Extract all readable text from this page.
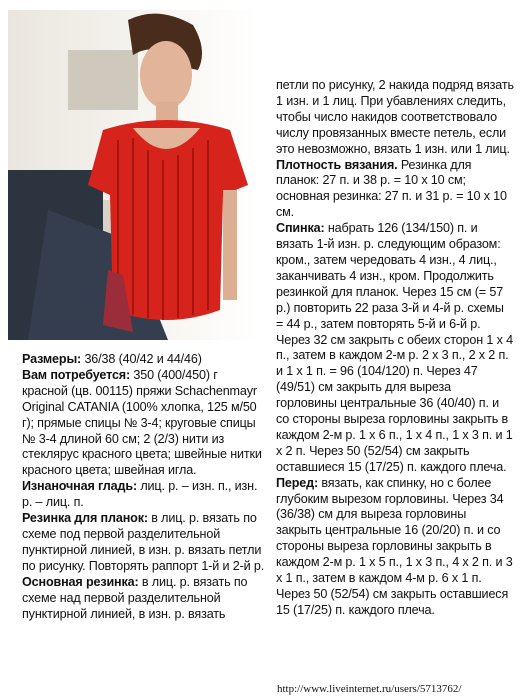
Размеры: 36/38 (40/42 и 44/46)

Вам потребуется: 350 (400/450) г красной (цв. 00115) пряжи Schachenmayr Original CATANIA (100% хлопка, 125 м/50 г); прямые спицы № 3-4; круговые спицы № 3-4 длиной 60 см; 2 (2/3) нити из стеклярус красного цвета; швейные нитки красного цвета; швейная игла.

Изнаночная гладь: лиц. р. – изн. п., изн. р. – лиц. п.

Резинка для планок: в лиц. р. вязать по схеме под первой разделительной пунктирной линией, в изн. р. вязать петли по рисунку. Повторять раппорт 1-й и 2-й р.

Основная резинка: в лиц. р. вязать по схеме над первой разделительной пунктирной линией, в изн. р. вязать

петли по рисунку, 2 накида подряд вязать 1 изн. и 1 лиц. При убавлениях следить, чтобы число накидов соответствовало числу провязанных вместе петель, если это невозможно, вязать 1 изн. или 1 лиц.

Плотность вязания. Резинка для планок: 27 п. и 38 р. = 10 х 10 см; основная резинка: 27 п. и 31 р. = 10 х 10 см.

Спинка: набрать 126 (134/150) п. и вязать 1-й изн. р. следующим образом: кром., затем чередовать 4 изн., 4 лиц., заканчивать 4 изн., кром. Продолжить резинкой для планок. Через 15 см (= 57 р.) повторить 22 раза 3-й и 4-й р. схемы = 44 р., затем повторять 5-й и 6-й р. Через 32 см закрыть с обеих сторон 1 х 4 п., затем в каждом 2-м р. 2 х 3 п., 2 х 2 п. и 1 х 1 п. = 96 (104/120) п. Через 47 (49/51) см закрыть для выреза горловины центральные 36 (40/40) п. и со стороны выреза горловины закрыть в каждом 2-м р. 1 х 6 п., 1 х 4 п., 1 х 3 п. и 1 х 2 п. Через 50 (52/54) см закрыть оставшиеся 15 (17/25) п. каждого плеча.

Перед: вязать, как спинку, но с более глубоким вырезом горловины. Через 34 (36/38) см для выреза горловины закрыть центральные 16 (20/20) п. и со стороны выреза горловины закрыть в каждом 2-м р. 1 х 5 п., 1 х 3 п., 4 х 2 п. и 3 х 1 п., затем в каждом 4-м р. 6 х 1 п. Через 50 (52/54) см закрыть оставшиеся 15 (17/25) п. каждого плеча.

http://www.liveinternet.ru/users/5713762/
